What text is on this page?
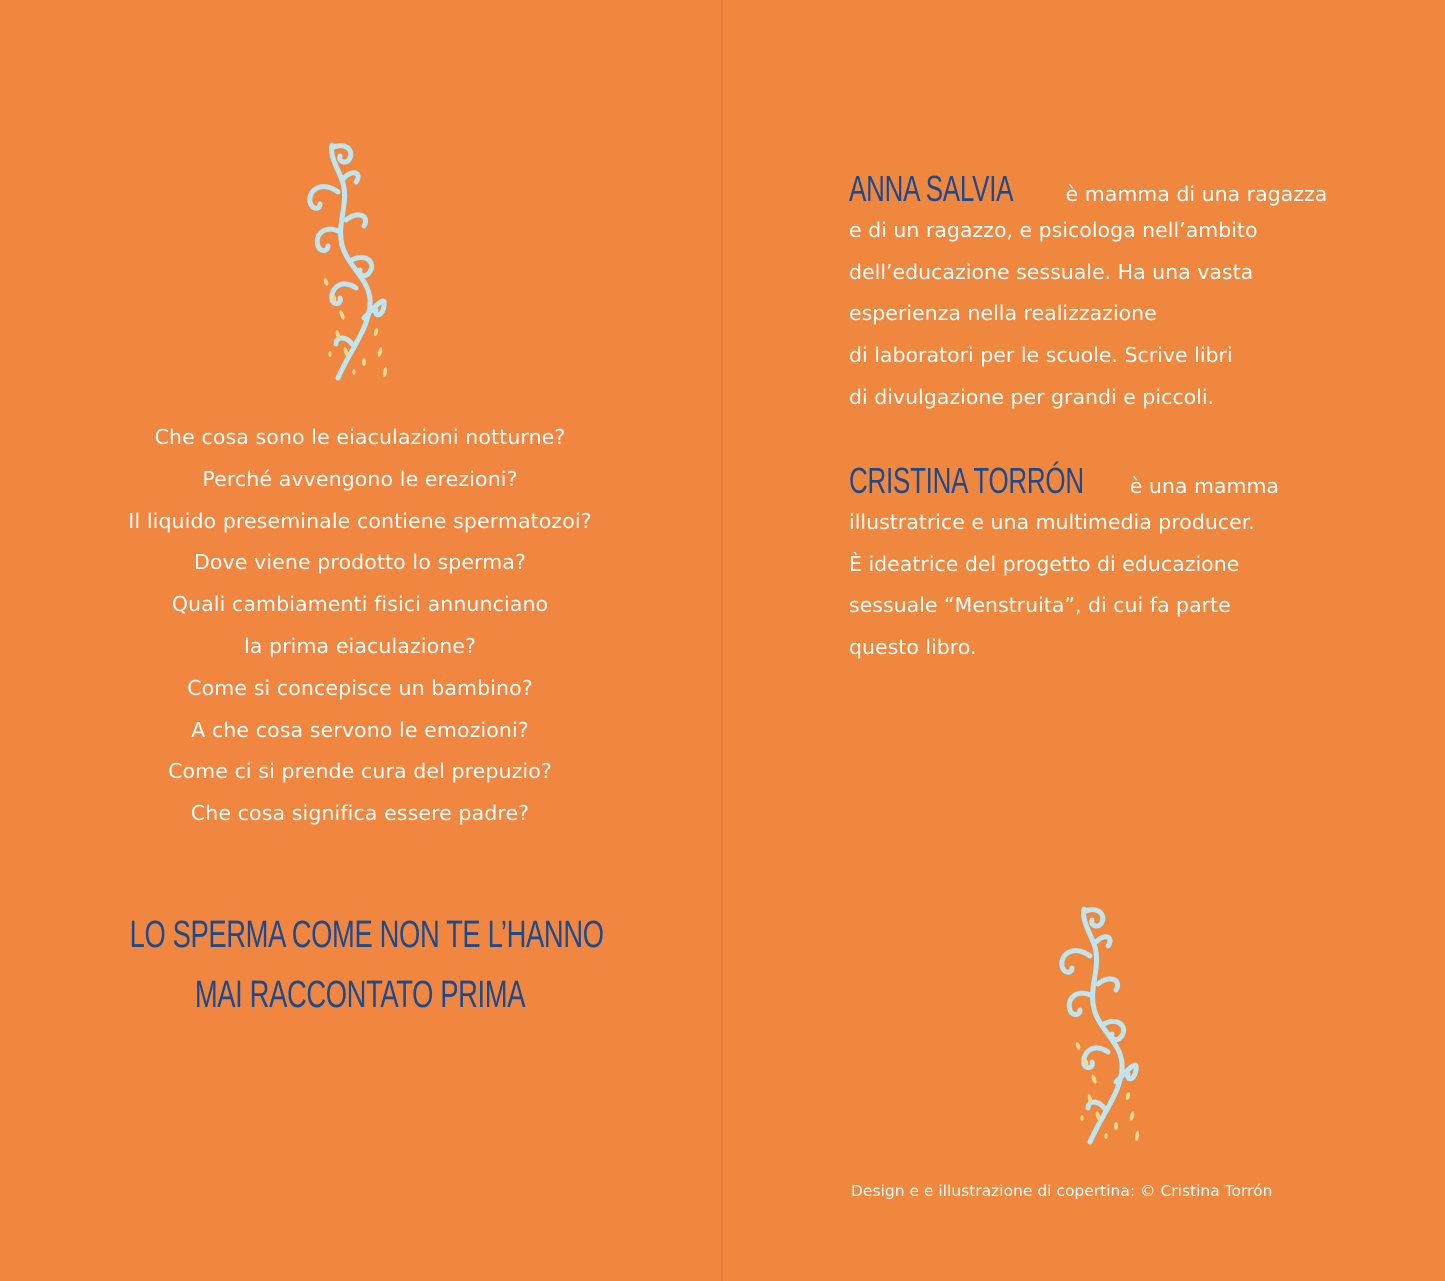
Che cosa sono le eiaculazioni notturne?
Perché avvengono le erezioni?
Il liquido preseminale contiene spermatozoi?
Dove viene prodotto lo sperma?
Quali cambiamenti fisici annunciano
la prima eiaculazione?
Come si concepisce un bambino?
A che cosa servono le emozioni?
Come ci si prende cura del prepuzio?
Che cosa significa essere padre?
LO SPERMA COME NON TE L’HANNO
MAI RACCONTATO PRIMA
ANNA SALVIA	è mamma di una ragazza
e di un ragazzo, e psicologa nell’ambito
dell’educazione sessuale. Ha una vasta
esperienza nella realizzazione
di laboratori per le scuole. Scrive libri
di divulgazione per grandi e piccoli.
CRISTINA TORRÓN è una mamma
illustratrice e una multimedia producer.
È ideatrice del progetto di educazione
sessuale “Menstruita”, di cui fa parte
questo libro.
Design e e illustrazione di copertina: © Cristina Torrón
